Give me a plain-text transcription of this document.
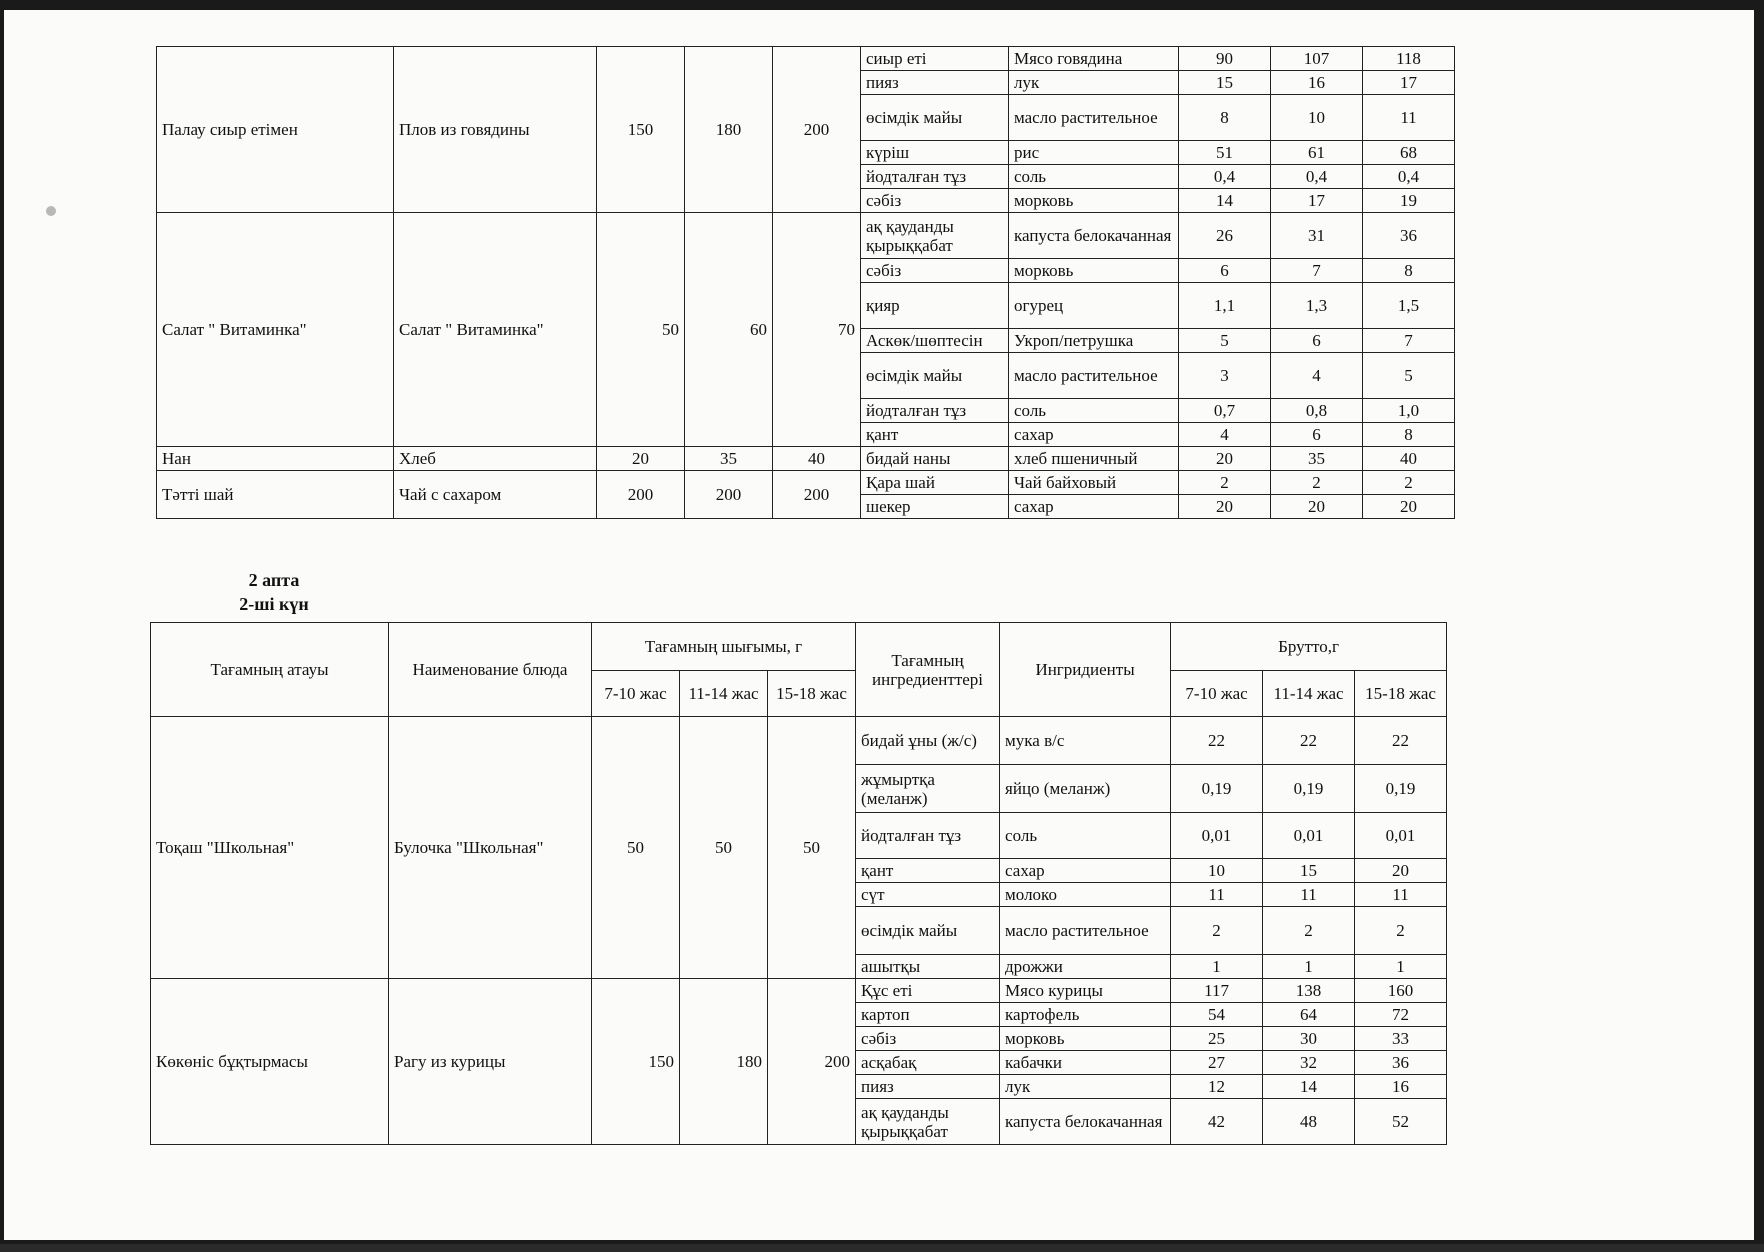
Палау сиыр етімен	Плов из говядины	150	180	200	сиыр еті	Мясо говядина	90	107	118
					пияз	лук	15	16	17
					өсімдік майы	масло растительное	8	10	11
					күріш	рис	51	61	68
					йодталған тұз	соль	0,4	0,4	0,4
					сәбіз	морковь	14	17	19
Салат " Витаминка"	Салат " Витаминка"	50	60	70	ақ қауданды қырыққабат	капуста белокачанная	26	31	36
					сәбіз	морковь	6	7	8
					қияр	огурец	1,1	1,3	1,5
					Аскөк/шөптесін	Укроп/петрушка	5	6	7
					өсімдік майы	масло растительное	3	4	5
					йодталған тұз	соль	0,7	0,8	1,0
					қант	сахар	4	6	8
Нан	Хлеб	20	35	40	бидай наны	хлеб пшеничный	20	35	40
Тәтті шай	Чай с сахаром	200	200	200	Қара шай	Чай байховый	2	2	2
					шекер	сахар	20	20	20
2 апта
2-ші күн
Тағамның атауы	Наименование блюда	Тағамның шығымы, г			Тағамның ингредиенттері	Ингридиенты	Брутто,г		
		7-10 жас	11-14 жас	15-18 жас			7-10 жас	11-14 жас	15-18 жас
Тоқаш "Школьная"	Булочка "Школьная"	50	50	50	бидай ұны (ж/с)	мука в/с	22	22	22
					жұмыртқа (меланж)	яйцо (меланж)	0,19	0,19	0,19
					йодталған тұз	соль	0,01	0,01	0,01
					қант	сахар	10	15	20
					сүт	молоко	11	11	11
					өсімдік майы	масло растительное	2	2	2
					ашытқы	дрожжи	1	1	1
Көкөніс бұқтырмасы	Рагу из курицы	150	180	200	Құс еті	Мясо курицы	117	138	160
					картоп	картофель	54	64	72
					сәбіз	морковь	25	30	33
					асқабақ	кабачки	27	32	36
					пияз	лук	12	14	16
					ақ қауданды қырыққабат	капуста белокачанная	42	48	52
